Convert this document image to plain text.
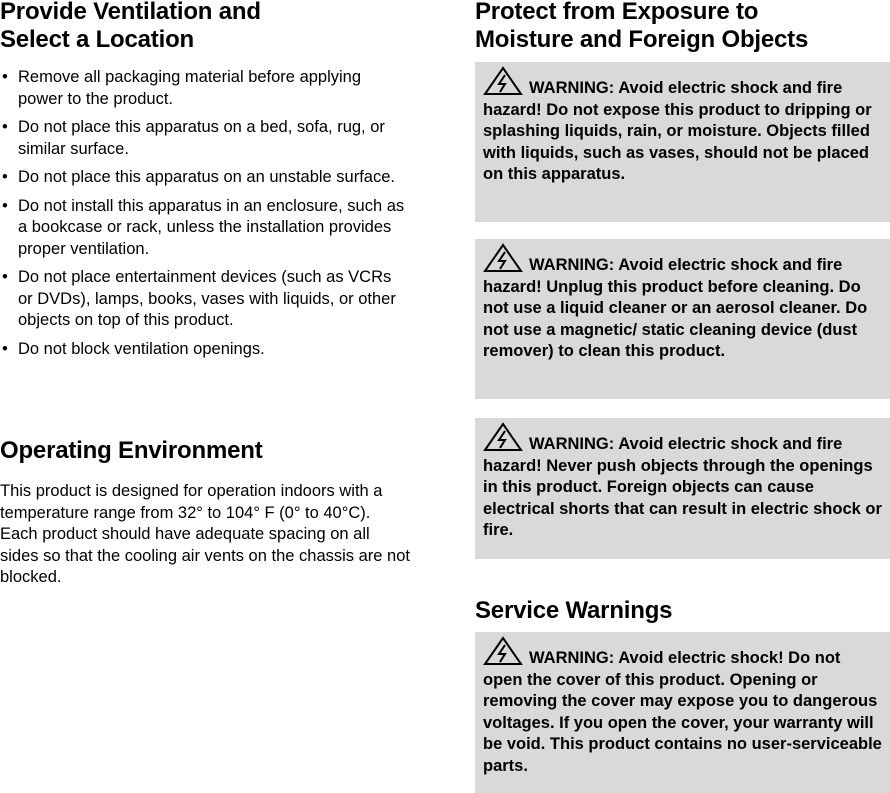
Provide Ventilation and
Select a Location
• Remove all packaging material before applying power to the product.
• Do not place this apparatus on a bed, sofa, rug, or similar surface.
• Do not place this apparatus on an unstable surface.
• Do not install this apparatus in an enclosure, such as a bookcase or rack, unless the installation provides proper ventilation.
• Do not place entertainment devices (such as VCRs or DVDs), lamps, books, vases with liquids, or other objects on top of this product.
• Do not block ventilation openings.
Operating Environment

This product is designed for operation indoors with a temperature range from 32° to 104° F (0° to 40°C). Each product should have adequate spacing on all sides so that the cooling air vents on the chassis are not blocked.

Protect from Exposure to
Moisture and Foreign Objects

WARNING: Avoid electric shock and fire hazard! Do not expose this product to dripping or splashing liquids, rain, or moisture. Objects filled with liquids, such as vases, should not be placed on this apparatus.

WARNING: Avoid electric shock and fire hazard! Unplug this product before cleaning. Do not use a liquid cleaner or an aerosol cleaner. Do not use a magnetic/ static cleaning device (dust remover) to clean this product.

WARNING: Avoid electric shock and fire hazard! Never push objects through the openings in this product. Foreign objects can cause electrical shorts that can result in electric shock or fire.

Service Warnings

WARNING: Avoid electric shock! Do not open the cover of this product. Opening or removing the cover may expose you to dangerous voltages. If you open the cover, your warranty will be void. This product contains no user-serviceable parts.
